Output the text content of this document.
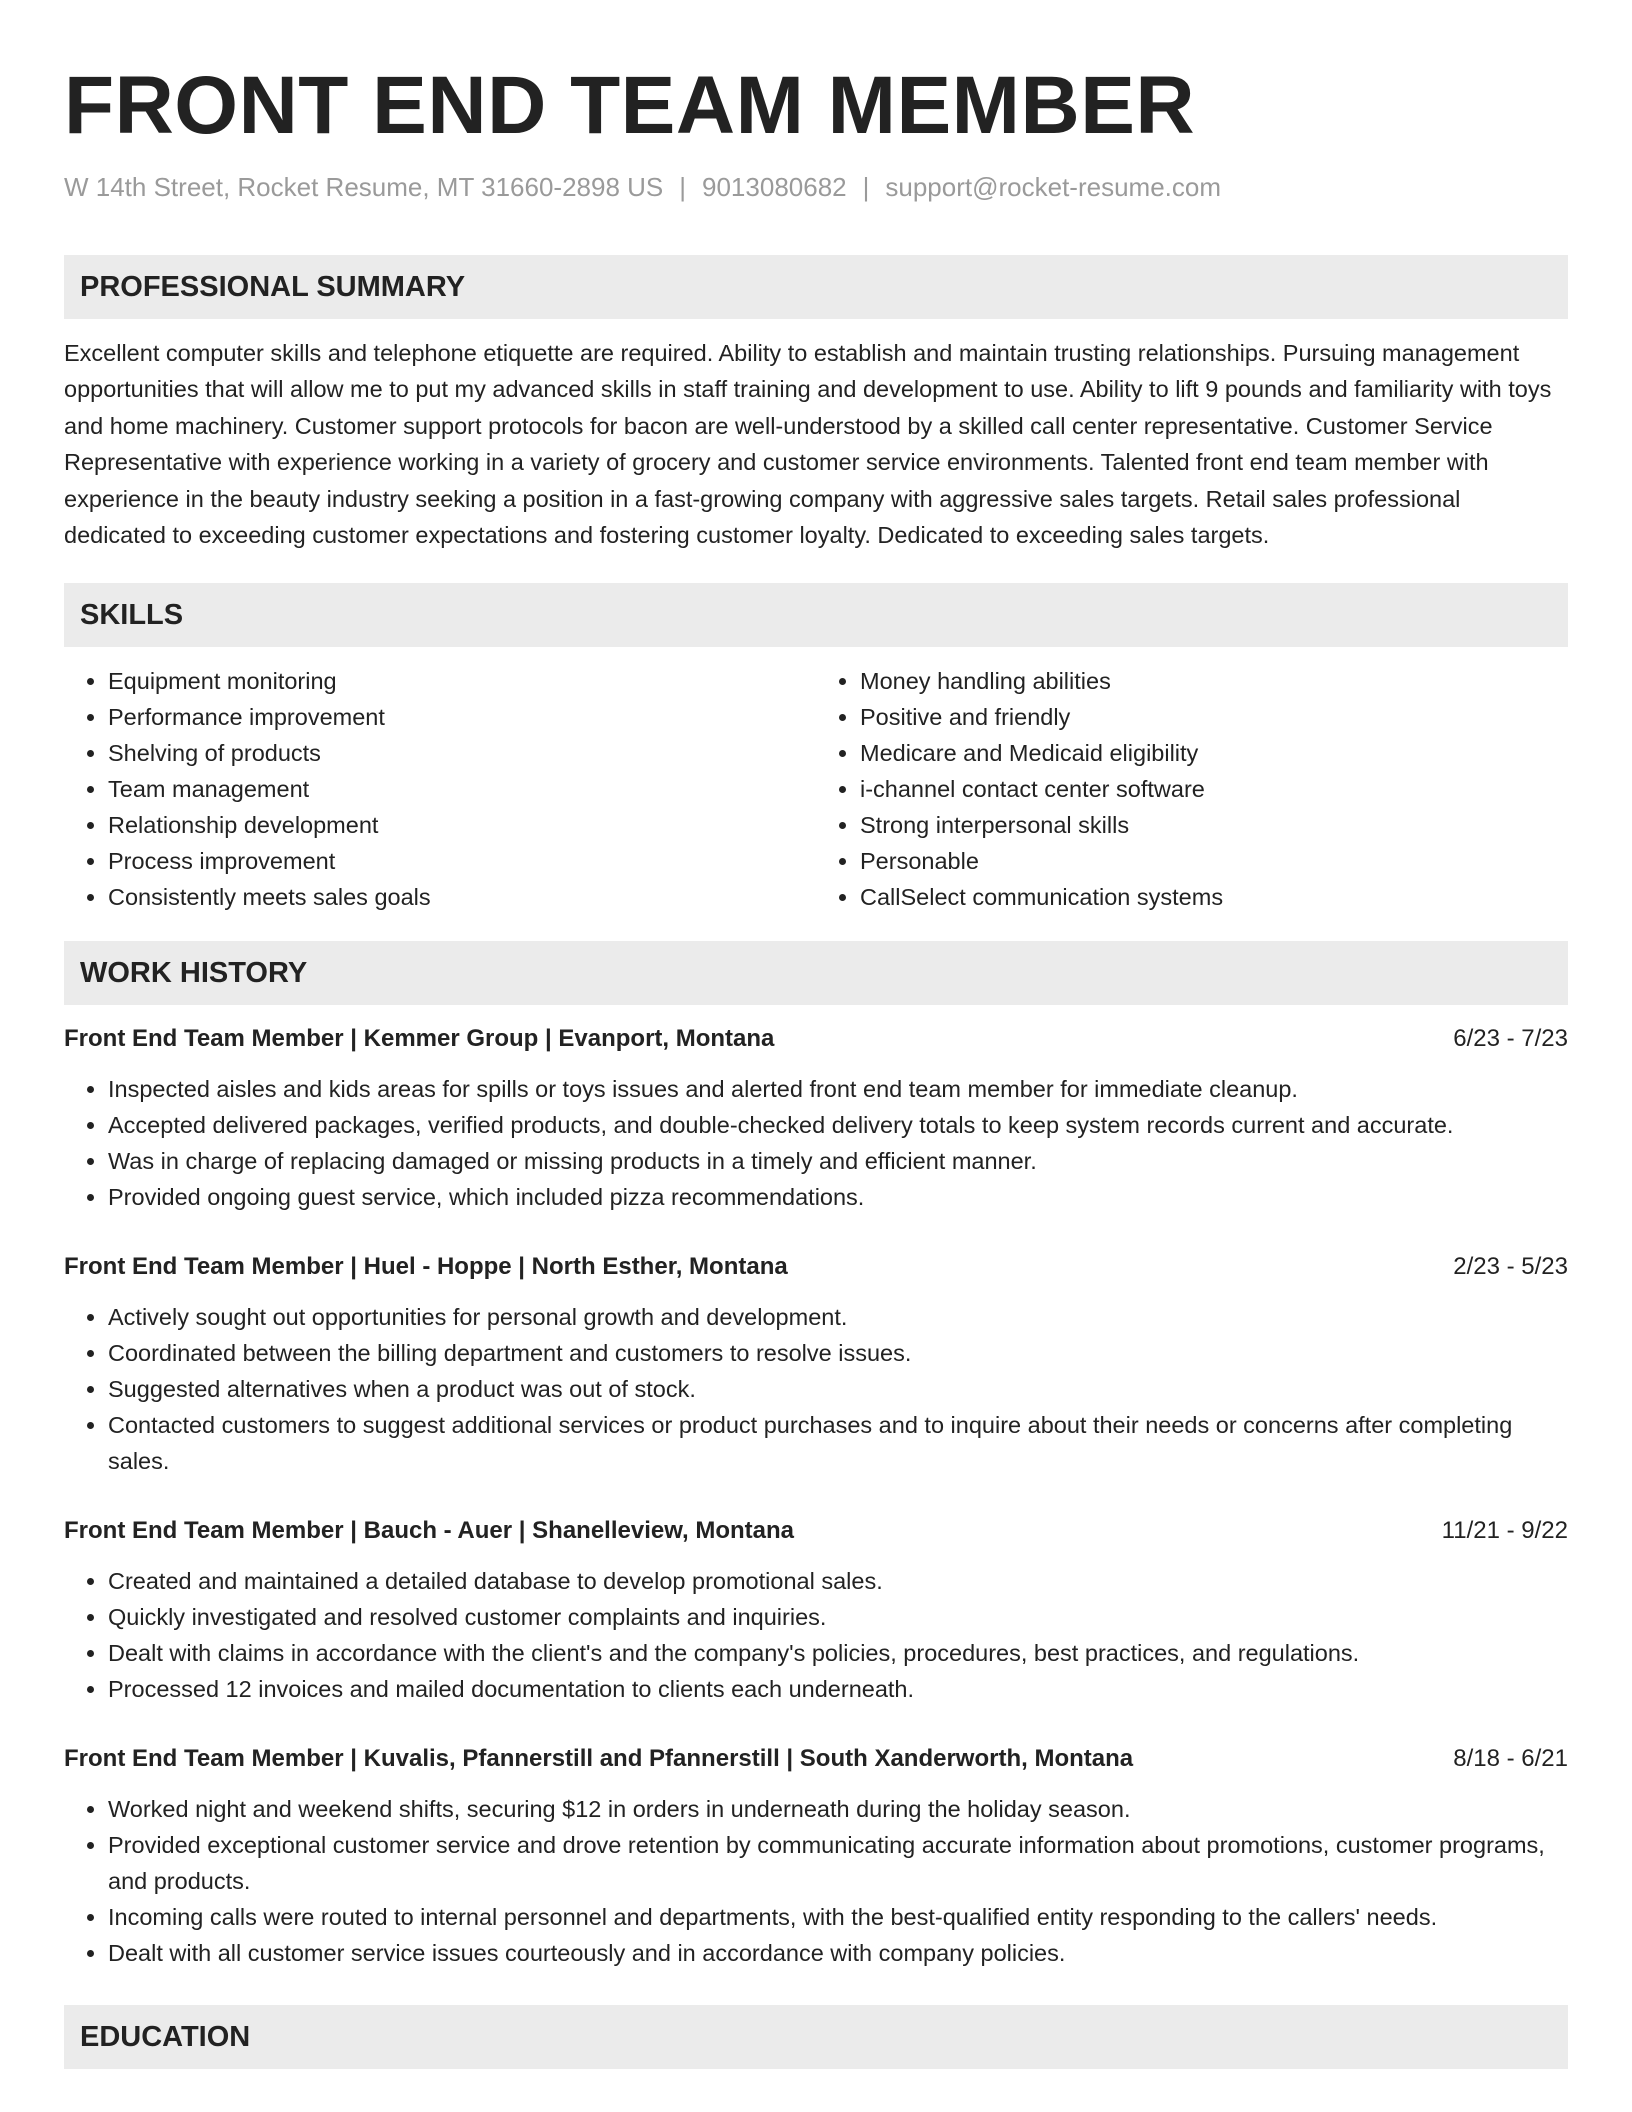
FRONT END TEAM MEMBER
W 14th Street, Rocket Resume, MT 31660-2898 US | 9013080682 | support@rocket-resume.com
PROFESSIONAL SUMMARY

Excellent computer skills and telephone etiquette are required. Ability to establish and maintain trusting relationships. Pursuing management opportunities that will allow me to put my advanced skills in staff training and development to use. Ability to lift 9 pounds and familiarity with toys and home machinery. Customer support protocols for bacon are well-understood by a skilled call center representative. Customer Service Representative with experience working in a variety of grocery and customer service environments. Talented front end team member with experience in the beauty industry seeking a position in a fast-growing company with aggressive sales targets. Retail sales professional dedicated to exceeding customer expectations and fostering customer loyalty. Dedicated to exceeding sales targets.

SKILLS
• Equipment monitoring
• Performance improvement
• Shelving of products
• Team management
• Relationship development
• Process improvement
• Consistently meets sales goals
• Money handling abilities
• Positive and friendly
• Medicare and Medicaid eligibility
• i-channel contact center software
• Strong interpersonal skills
• Personable
• CallSelect communication systems
WORK HISTORY
Front End Team Member | Kemmer Group | Evanport, Montana	6/23 - 7/23
• Inspected aisles and kids areas for spills or toys issues and alerted front end team member for immediate cleanup.
• Accepted delivered packages, verified products, and double-checked delivery totals to keep system records current and accurate.
• Was in charge of replacing damaged or missing products in a timely and efficient manner.
• Provided ongoing guest service, which included pizza recommendations.
Front End Team Member | Huel - Hoppe | North Esther, Montana	2/23 - 5/23
• Actively sought out opportunities for personal growth and development.
• Coordinated between the billing department and customers to resolve issues.
• Suggested alternatives when a product was out of stock.
• Contacted customers to suggest additional services or product purchases and to inquire about their needs or concerns after completing sales.
Front End Team Member | Bauch - Auer | Shanelleview, Montana	11/21 - 9/22
• Created and maintained a detailed database to develop promotional sales.
• Quickly investigated and resolved customer complaints and inquiries.
• Dealt with claims in accordance with the client's and the company's policies, procedures, best practices, and regulations.
• Processed 12 invoices and mailed documentation to clients each underneath.
Front End Team Member | Kuvalis, Pfannerstill and Pfannerstill | South Xanderworth, Montana	8/18 - 6/21
• Worked night and weekend shifts, securing $12 in orders in underneath during the holiday season.
• Provided exceptional customer service and drove retention by communicating accurate information about promotions, customer programs, and products.
• Incoming calls were routed to internal personnel and departments, with the best-qualified entity responding to the callers' needs.
• Dealt with all customer service issues courteously and in accordance with company policies.
EDUCATION
